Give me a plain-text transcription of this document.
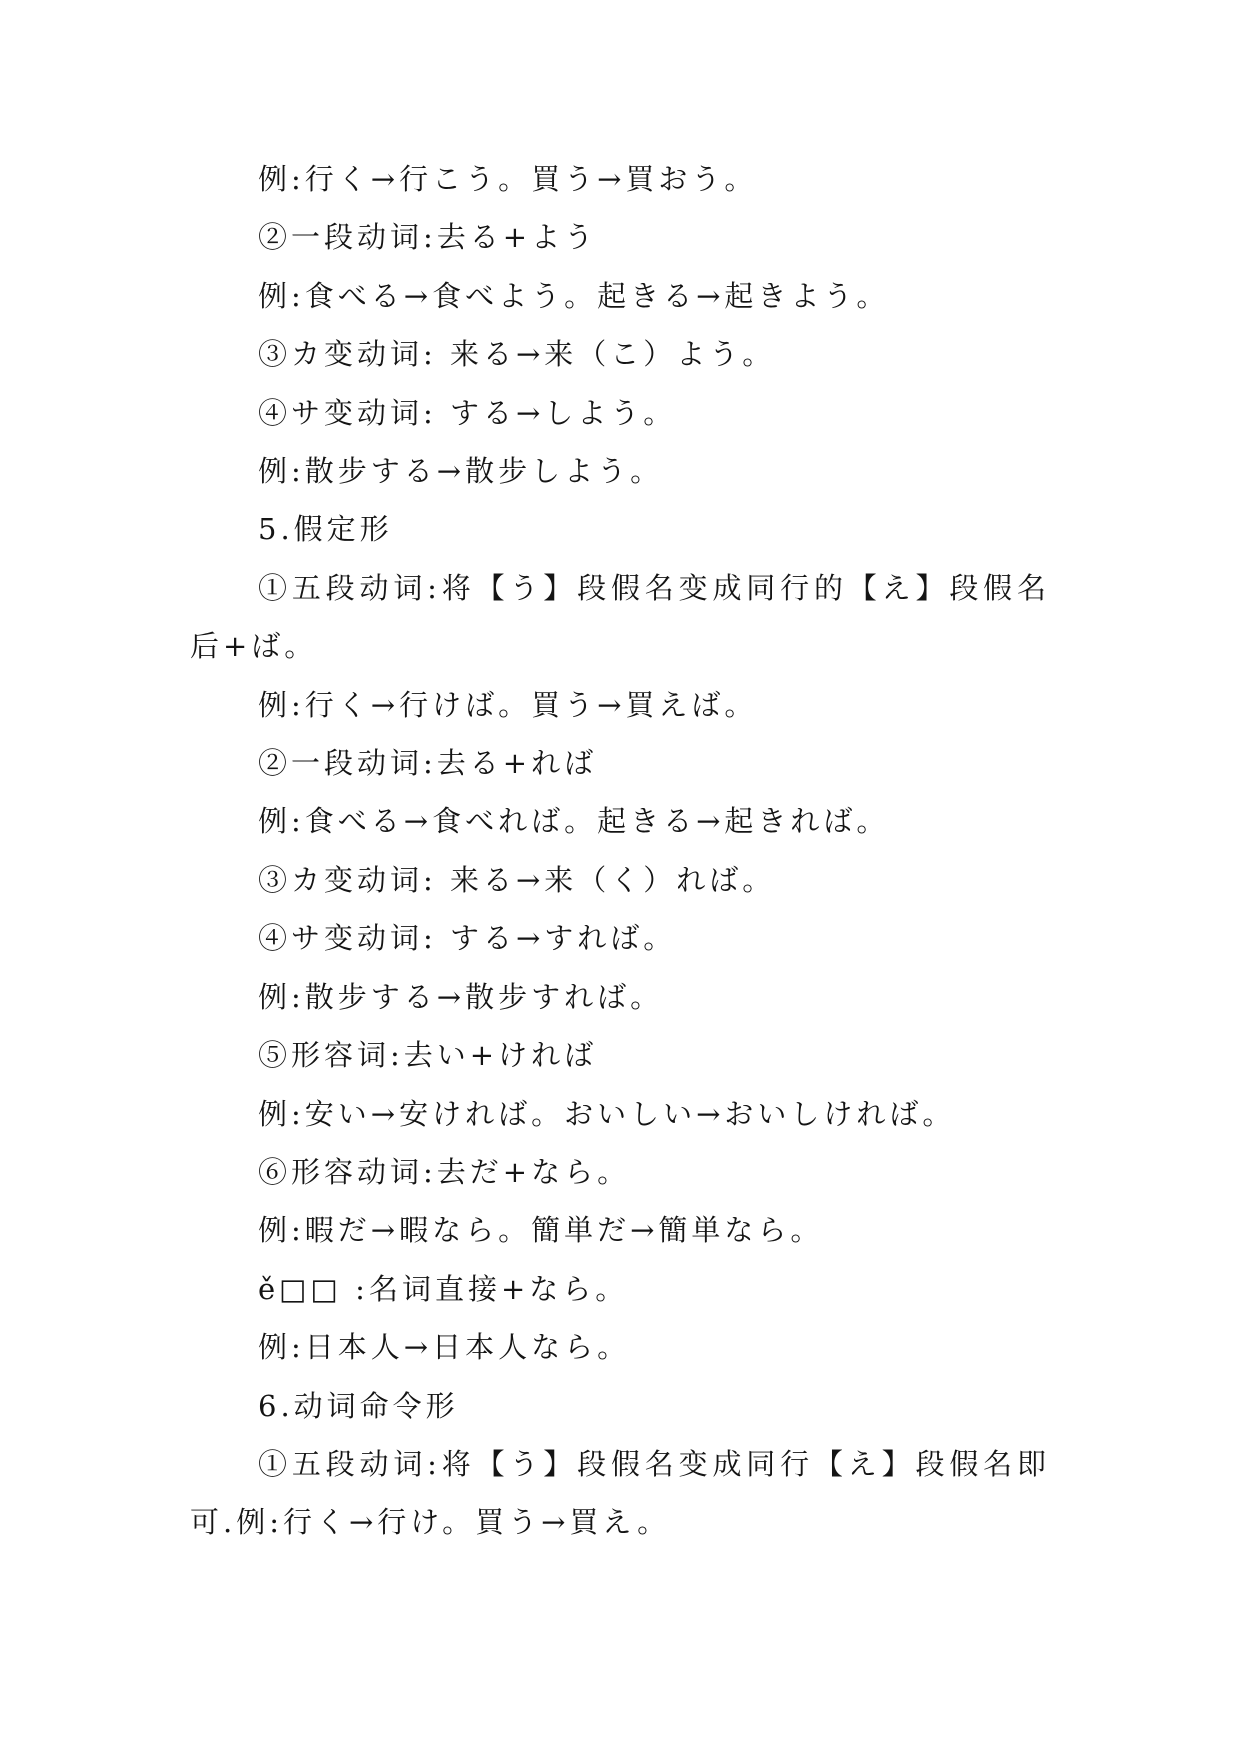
例:行く→行こう。買う→買おう。

②一段动词:去る+よう

例:食べる→食べよう。起きる→起きよう。

③カ变动词: 来る→来（こ）よう。

④サ变动词: する→しよう。

例:散步する→散步しよう。

5.假定形

①五段动词:将【う】段假名变成同行的【え】段假名后+ば。

例:行く→行けば。買う→買えば。

②一段动词:去る+れば

例:食べる→食べれば。起きる→起きれば。

③カ变动词: 来る→来（く）れば。

④サ变动词: する→すれば。

例:散步する→散步すれば。

⑤形容词:去い+ければ

例:安い→安ければ。おいしい→おいしければ。

⑥形容动词:去だ+なら。

例:暇だ→暇なら。簡単だ→簡単なら。

ě□□ :名词直接+なら。

例:日本人→日本人なら。

6.动词命令形

①五段动词:将【う】段假名变成同行【え】段假名即可.例:行く→行け。買う→買え。
